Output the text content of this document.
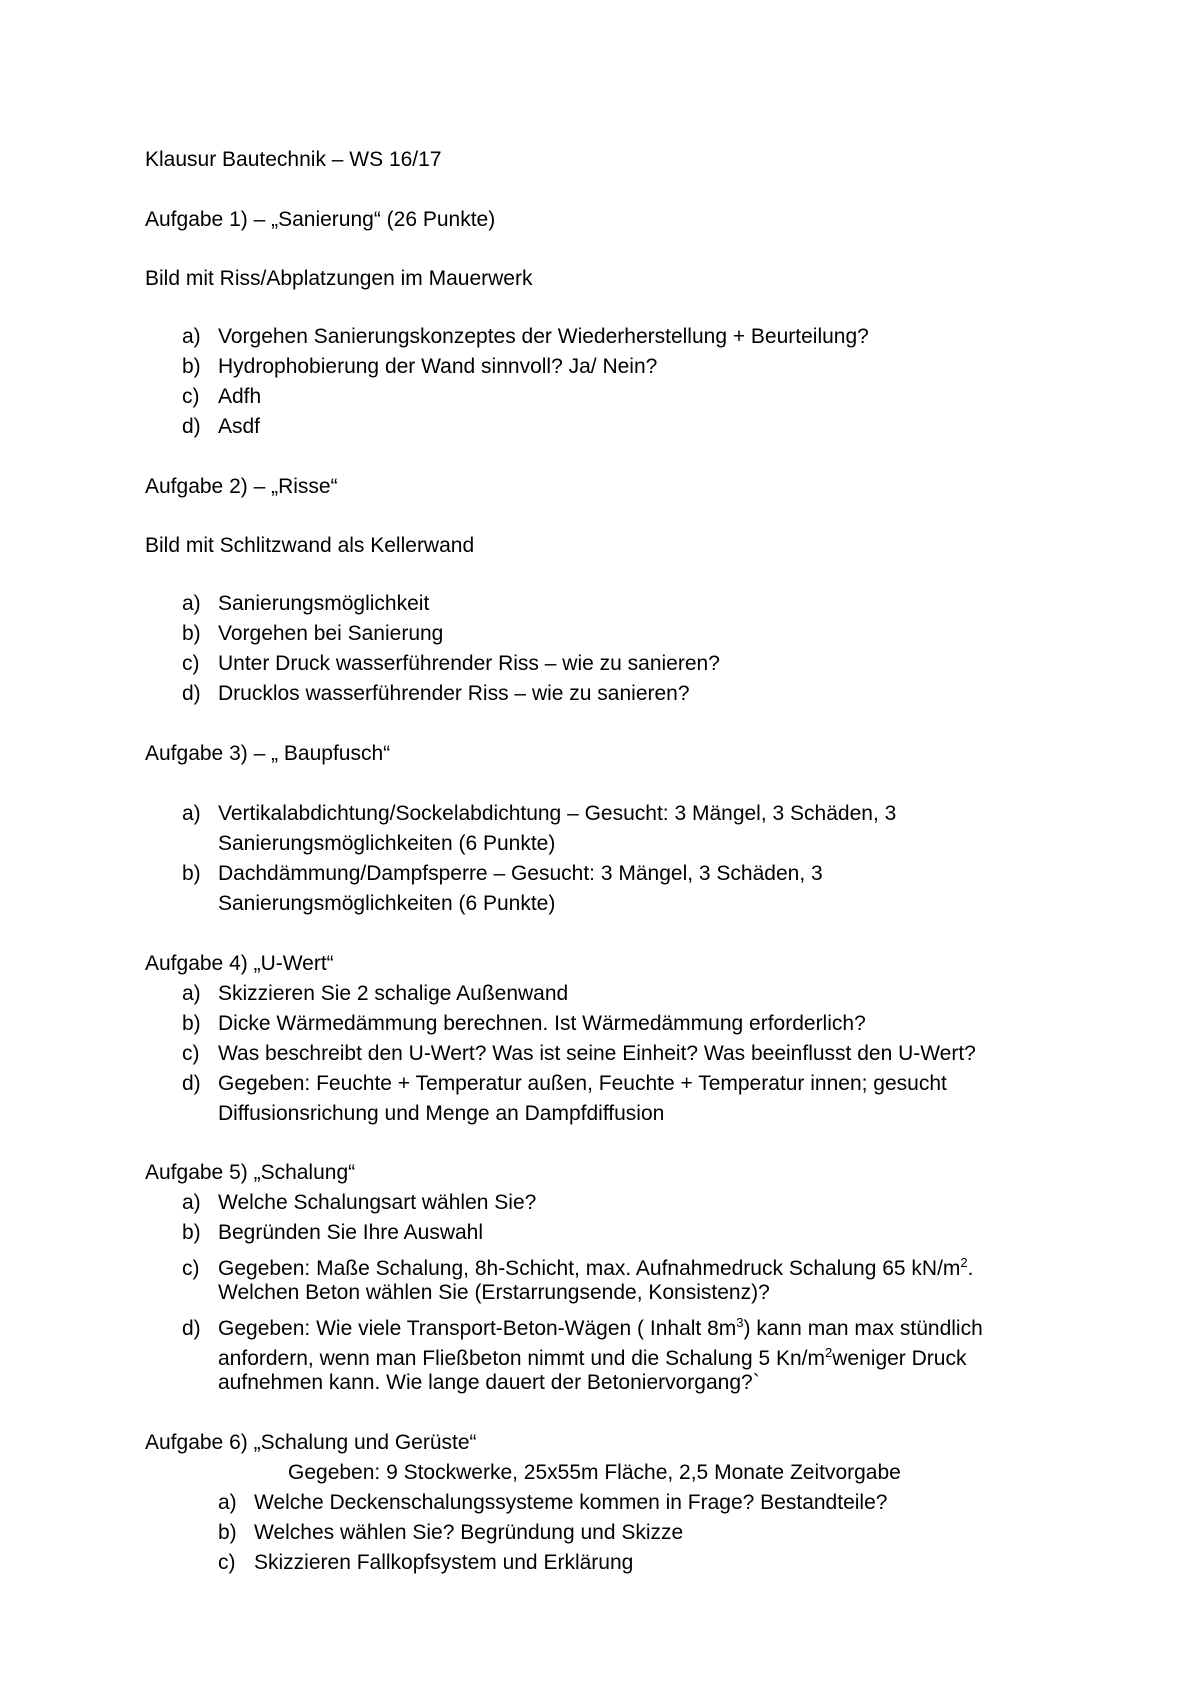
Klausur Bautechnik – WS 16/17
Aufgabe 1) – „Sanierung“ (26 Punkte)
Bild mit Riss/Abplatzungen im Mauerwerk
a) Vorgehen Sanierungskonzeptes der Wiederherstellung + Beurteilung?
b) Hydrophobierung der Wand sinnvoll? Ja/ Nein?
c) Adfh
d) Asdf
Aufgabe 2) – „Risse“
Bild mit Schlitzwand als Kellerwand
a) Sanierungsmöglichkeit
b) Vorgehen bei Sanierung
c) Unter Druck wasserführender Riss – wie zu sanieren?
d) Drucklos wasserführender Riss – wie zu sanieren?
Aufgabe 3) – „ Baupfusch“
a) Vertikalabdichtung/Sockelabdichtung – Gesucht: 3 Mängel, 3 Schäden, 3
Sanierungsmöglichkeiten (6 Punkte)
b) Dachdämmung/Dampfsperre – Gesucht: 3 Mängel, 3 Schäden, 3
Sanierungsmöglichkeiten (6 Punkte)
Aufgabe 4) „U-Wert“
a) Skizzieren Sie 2 schalige Außenwand
b) Dicke Wärmedämmung berechnen. Ist Wärmedämmung erforderlich?
c) Was beschreibt den U-Wert? Was ist seine Einheit? Was beeinflusst den U-Wert?
d) Gegeben: Feuchte + Temperatur außen, Feuchte + Temperatur innen; gesucht
Diffusionsrichung und Menge an Dampfdiffusion
Aufgabe 5) „Schalung“
a) Welche Schalungsart wählen Sie?
b) Begründen Sie Ihre Auswahl
c) Gegeben: Maße Schalung, 8h-Schicht, max. Aufnahmedruck Schalung 65 $kN/m^2$.
Welchen Beton wählen Sie (Erstarrungsende, Konsistenz)?
d) Gegeben: Wie viele Transport-Beton-Wägen ( Inhalt $8m^3$) kann man max stündlich
anfordern, wenn man Fließbeton nimmt und die Schalung 5 $Kn/m^2weniger$ Druck
aufnehmen kann. Wie lange dauert der Betoniervorgang?`
Aufgabe 6) „Schalung und Gerüste“
Gegeben: 9 Stockwerke, 25x55m Fläche, 2,5 Monate Zeitvorgabe
a) Welche Deckenschalungssysteme kommen in Frage? Bestandteile?
b) Welches wählen Sie? Begründung und Skizze
c) Skizzieren Fallkopfsystem und Erklärung
